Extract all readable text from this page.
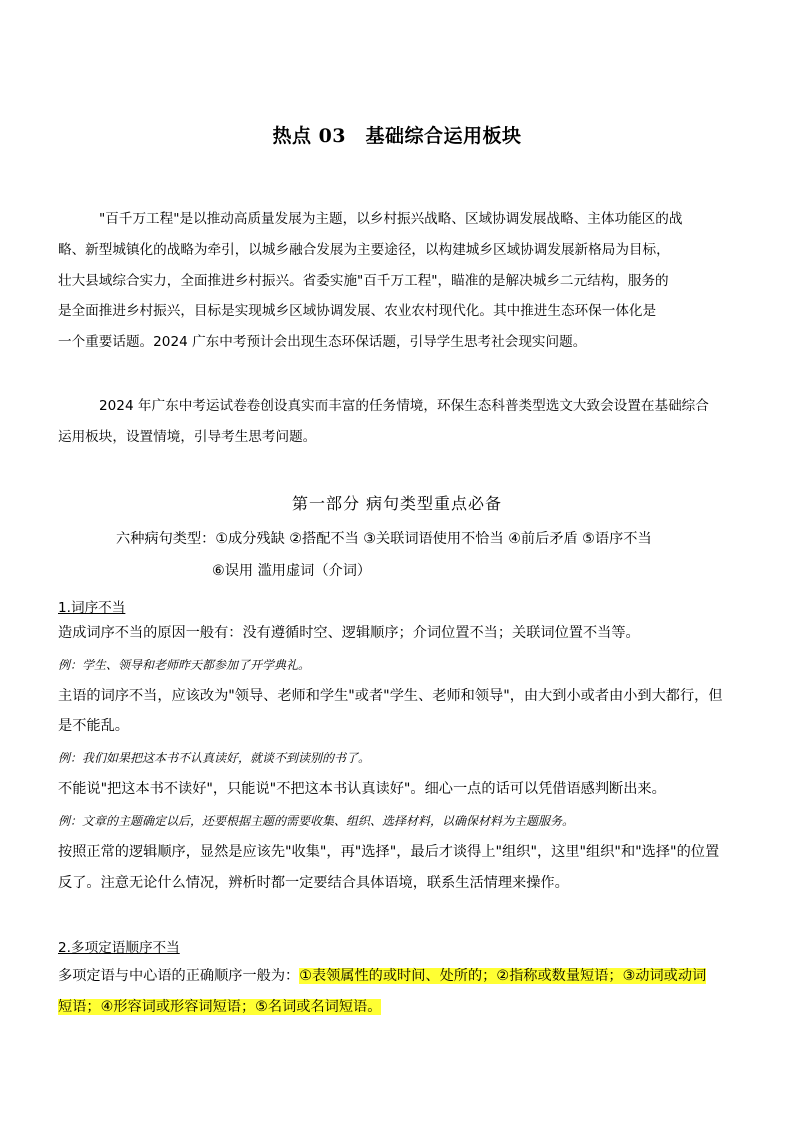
热点 03　基础综合运用板块
"百千万工程"是以推动高质量发展为主题，以乡村振兴战略、区域协调发展战略、主体功能区的战
略、新型城镇化的战略为牵引，以城乡融合发展为主要途径，以构建城乡区域协调发展新格局为目标，
壮大县域综合实力，全面推进乡村振兴。省委实施"百千万工程"，瞄准的是解决城乡二元结构，服务的
是全面推进乡村振兴，目标是实现城乡区域协调发展、农业农村现代化。其中推进生态环保一体化是
一个重要话题。2024 广东中考预计会出现生态环保话题，引导学生思考社会现实问题。
2024 年广东中考运试卷卷创设真实而丰富的任务情境，环保生态科普类型选文大致会设置在基础综合
运用板块，设置情境，引导考生思考问题。
第一部分 病句类型重点必备
六种病句类型：①成分残缺 ②搭配不当 ③关联词语使用不恰当 ④前后矛盾 ⑤语序不当
⑥误用 滥用虚词（介词）
1.词序不当
造成词序不当的原因一般有：没有遵循时空、逻辑顺序；介词位置不当；关联词位置不当等。
例：学生、领导和老师昨天都参加了开学典礼。
主语的词序不当，应该改为"领导、老师和学生"或者"学生、老师和领导"，由大到小或者由小到大都行，但
是不能乱。
例：我们如果把这本书不认真读好，就谈不到读别的书了。
不能说"把这本书不读好"，只能说"不把这本书认真读好"。细心一点的话可以凭借语感判断出来。
例：文章的主题确定以后，还要根据主题的需要收集、组织、选择材料，以确保材料为主题服务。
按照正常的逻辑顺序，显然是应该先"收集"，再"选择"，最后才谈得上"组织"，这里"组织"和"选择"的位置
反了。注意无论什么情况，辨析时都一定要结合具体语境，联系生活情理来操作。
2.多项定语顺序不当
多项定语与中心语的正确顺序一般为：①表领属性的或时间、处所的；②指称或数量短语；③动词或动词
短语；④形容词或形容词短语；⑤名词或名词短语。
